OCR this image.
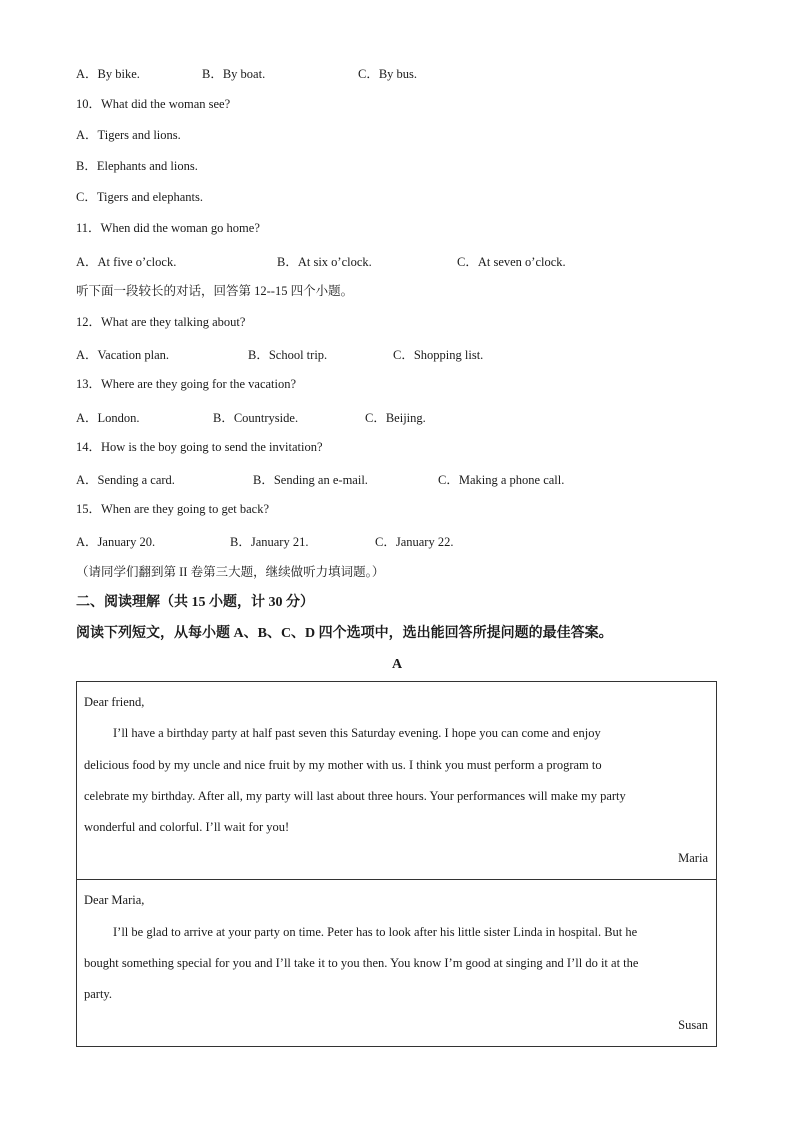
A．By bike.	B．By boat.	C．By bus.
10．What did the woman see?
A．Tigers and lions.
B．Elephants and lions.
C．Tigers and elephants.
11．When did the woman go home?
A．At five o’clock.	B．At six o’clock.	C．At seven o’clock.
听下面一段较长的对话，回答第 12--15 四个小题。
12．What are they talking about?
A．Vacation plan.	B．School trip.	C．Shopping list.
13．Where are they going for the vacation?
A．London.	B．Countryside.	C．Beijing.
14．How is the boy going to send the invitation?
A．Sending a card.	B．Sending an e-mail.	C．Making a phone call.
15．When are they going to get back?
A．January 20.	B．January 21.	C．January 22.
（请同学们翻到第 II 卷第三大题，继续做听力填词题。）
二、阅读理解（共 15 小题，计 30 分）
阅读下列短文，从每小题 A、B、C、D 四个选项中，选出能回答所提问题的最佳答案。
A
Dear friend,
I’ll have a birthday party at half past seven this Saturday evening. I hope you can come and enjoy
delicious food by my uncle and nice fruit by my mother with us. I think you must perform a program to
celebrate my birthday. After all, my party will last about three hours. Your performances will make my party
wonderful and colorful. I’ll wait for you!
Maria
Dear Maria,
I’ll be glad to arrive at your party on time. Peter has to look after his little sister Linda in hospital. But he
bought something special for you and I’ll take it to you then. You know I’m good at singing and I’ll do it at the
party.
Susan
